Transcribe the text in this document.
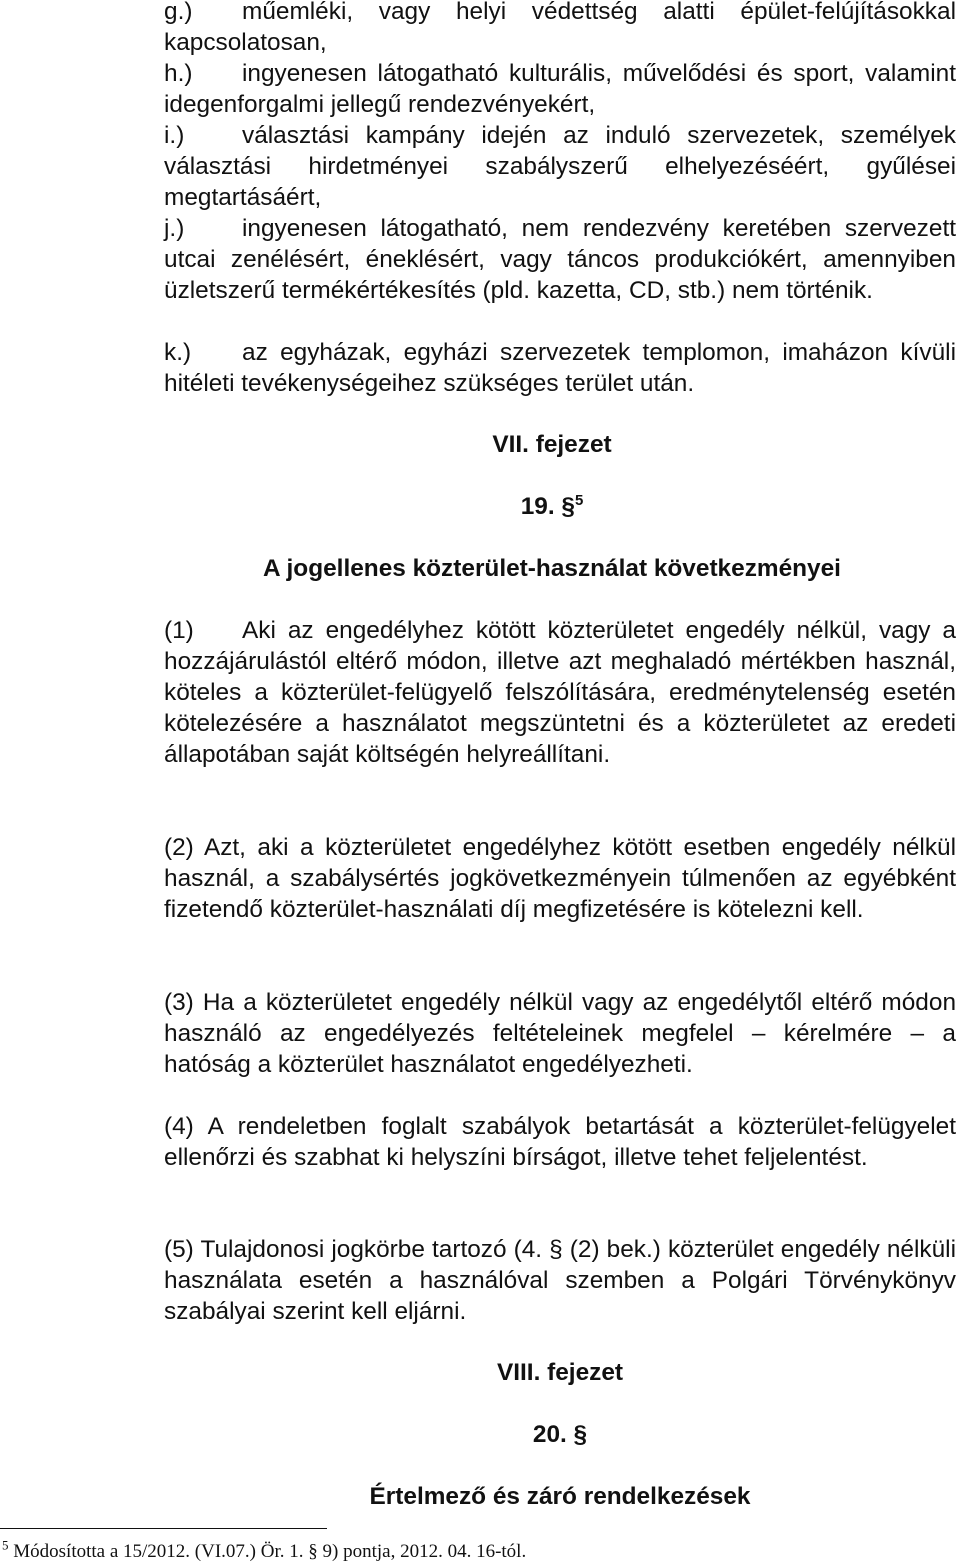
g.) műemléki, vagy helyi védettség alatti épület-felújításokkal kapcsolatosan,
h.) ingyenesen látogatható kulturális, művelődési és sport, valamint idegenforgalmi jellegű rendezvényekért,
i.) választási kampány idején az induló szervezetek, személyek választási hirdetményei szabályszerű elhelyezéséért, gyűlései megtartásáért,
j.) ingyenesen látogatható, nem rendezvény keretében szervezett utcai zenélésért, éneklésért, vagy táncos produkciókért, amennyiben üzletszerű termékértékesítés (pld. kazetta, CD, stb.) nem történik.
k.) az egyházak, egyházi szervezetek templomon, imaházon kívüli hitéleti tevékenységeihez szükséges terület után.
VII. fejezet
19. §$^5$
A jogellenes közterület-használat következményei
(1) Aki az engedélyhez kötött közterületet engedély nélkül, vagy a hozzájárulástól eltérő módon, illetve azt meghaladó mértékben használ, köteles a közterület-felügyelő felszólítására, eredménytelenség esetén kötelezésére a használatot megszüntetni és a közterületet az eredeti állapotában saját költségén helyreállítani.
(2) Azt, aki a közterületet engedélyhez kötött esetben engedély nélkül használ, a szabálysértés jogkövetkezményein túlmenően az egyébként fizetendő közterület-használati díj megfizetésére is kötelezni kell.
(3) Ha a közterületet engedély nélkül vagy az engedélytől eltérő módon használó az engedélyezés feltételeinek megfelel – kérelmére – a hatóság a közterület használatot engedélyezheti.
(4) A rendeletben foglalt szabályok betartását a közterület-felügyelet ellenőrzi és szabhat ki helyszíni bírságot, illetve tehet feljelentést.
(5) Tulajdonosi jogkörbe tartozó (4. § (2) bek.) közterület engedély nélküli használata esetén a használóval szemben a Polgári Törvénykönyv szabályai szerint kell eljárni.
VIII. fejezet
20. §
Értelmező és záró rendelkezések
$^5$ Módosította a 15/2012. (VI.07.) Ör. 1. § 9) pontja, 2012. 04. 16-tól.
